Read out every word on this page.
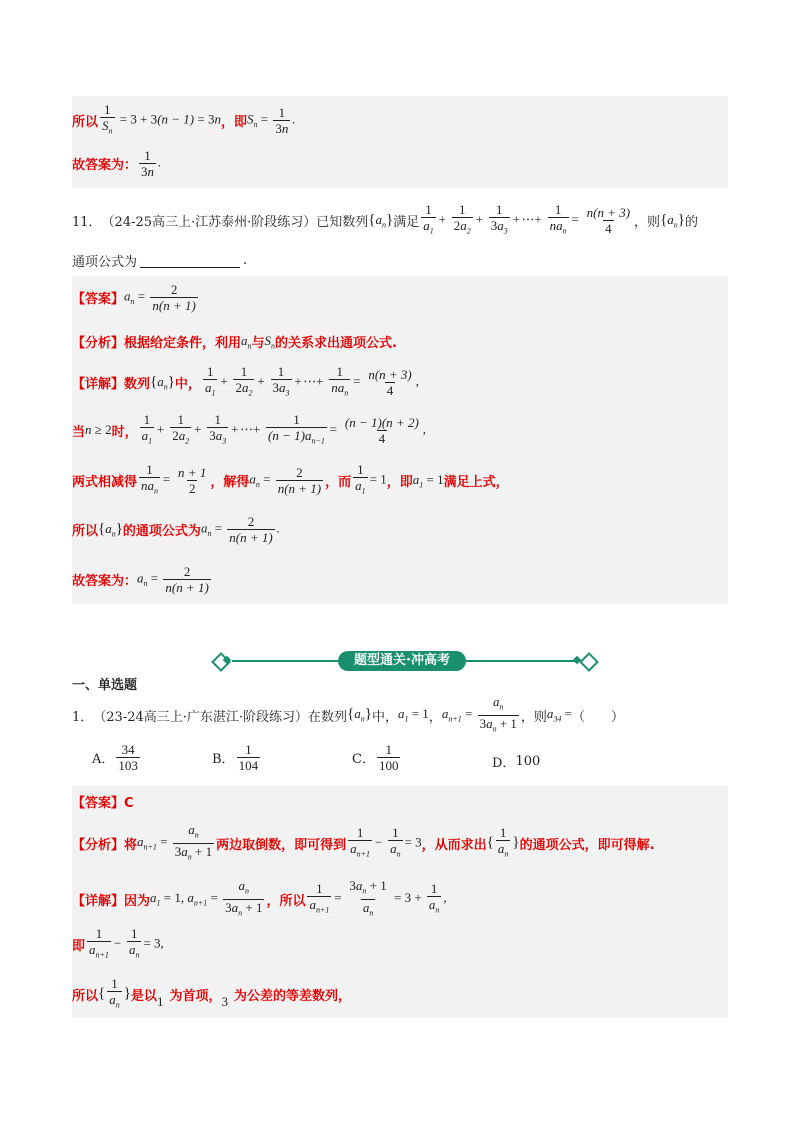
所以 $\frac{1}{S_n} = 3 + 3(n - 1) = 3n$ ，即 $S_n = \frac{1}{3n}$ .
故答案为： $\frac{1}{3n}$ .
11． （24-25高三上·江苏泰州·阶段练习）已知数列 $\{a_n\}$ 满足 $\frac{1}{a_1} + \frac{1}{2a_2} + \frac{1}{3a_3}$ +⋯+ $\frac{1}{na_n} = \frac{n(n + 3)}{4}$ ，则 $\{a_n\}$ 的
通项公式为	.
【答案】 $a_n = \frac{2}{n(n + 1)}$
【分析】根据给定条件，利用 $a_n$ 与 $S_n$ 的关系求出通项公式.
【详解】数列 $\{a_n\}$ 中， $\frac{1}{a_1} + \frac{1}{2a_2} + \frac{1}{3a_3}$ +⋯+ $\frac{1}{na_n} = \frac{n(n + 3)}{4}$ ,
当 n ≥ 2 时， $\frac{1}{a_1} + \frac{1}{2a_2} + \frac{1}{3a_3}$ +⋯+ $\frac{1}{(n - 1)a_{n-1}} = \frac{(n - 1)(n + 2)}{4}$ ,
两式相减得 $\frac{1}{na_n} = \frac{n + 1}{2}$ ，解得 $a_n = \frac{2}{n(n + 1)}$ ，而 $\frac{1}{a_1} = 1$ ，即 $a_1 = 1$ 满足上式，
所以 $\{a_n\}$ 的通项公式为 $a_n = \frac{2}{n(n + 1)}$ .
故答案为： $a_n = \frac{2}{n(n + 1)}$
题型通关·冲高考
一、单选题
1． （23-24高三上·广东湛江·阶段练习）在数列 $\{a_n\}$ 中， $a_1 = 1$ ， $a_{n+1} = \frac{a_n}{3a_n + 1}$ ，则 $a_{34}$ = （　　）
A． $\frac{34}{103}$	B． $\frac{1}{104}$	C． $\frac{1}{100}$	D． 100
【答案】C
【分析】将 $a_{n+1} = \frac{a_n}{3a_n + 1}$ 两边取倒数，即可得到 $\frac{1}{a_{n+1}} - \frac{1}{a_n} = 3$ ，从而求出 { $\frac{1}{a_n}$ } 的通项公式，即可得解.
【详解】因为 $a_1 = 1$, $a_{n+1} = \frac{a_n}{3a_n + 1}$ ，所以 $\frac{1}{a_{n+1}} = \frac{3a_n + 1}{a_n} = 3 + \frac{1}{a_n}$ ,
即 $\frac{1}{a_{n+1}} - \frac{1}{a_n} = 3$,
所以 { $\frac{1}{a_n}$ } 是以 1 为首项， 3 为公差的等差数列，
